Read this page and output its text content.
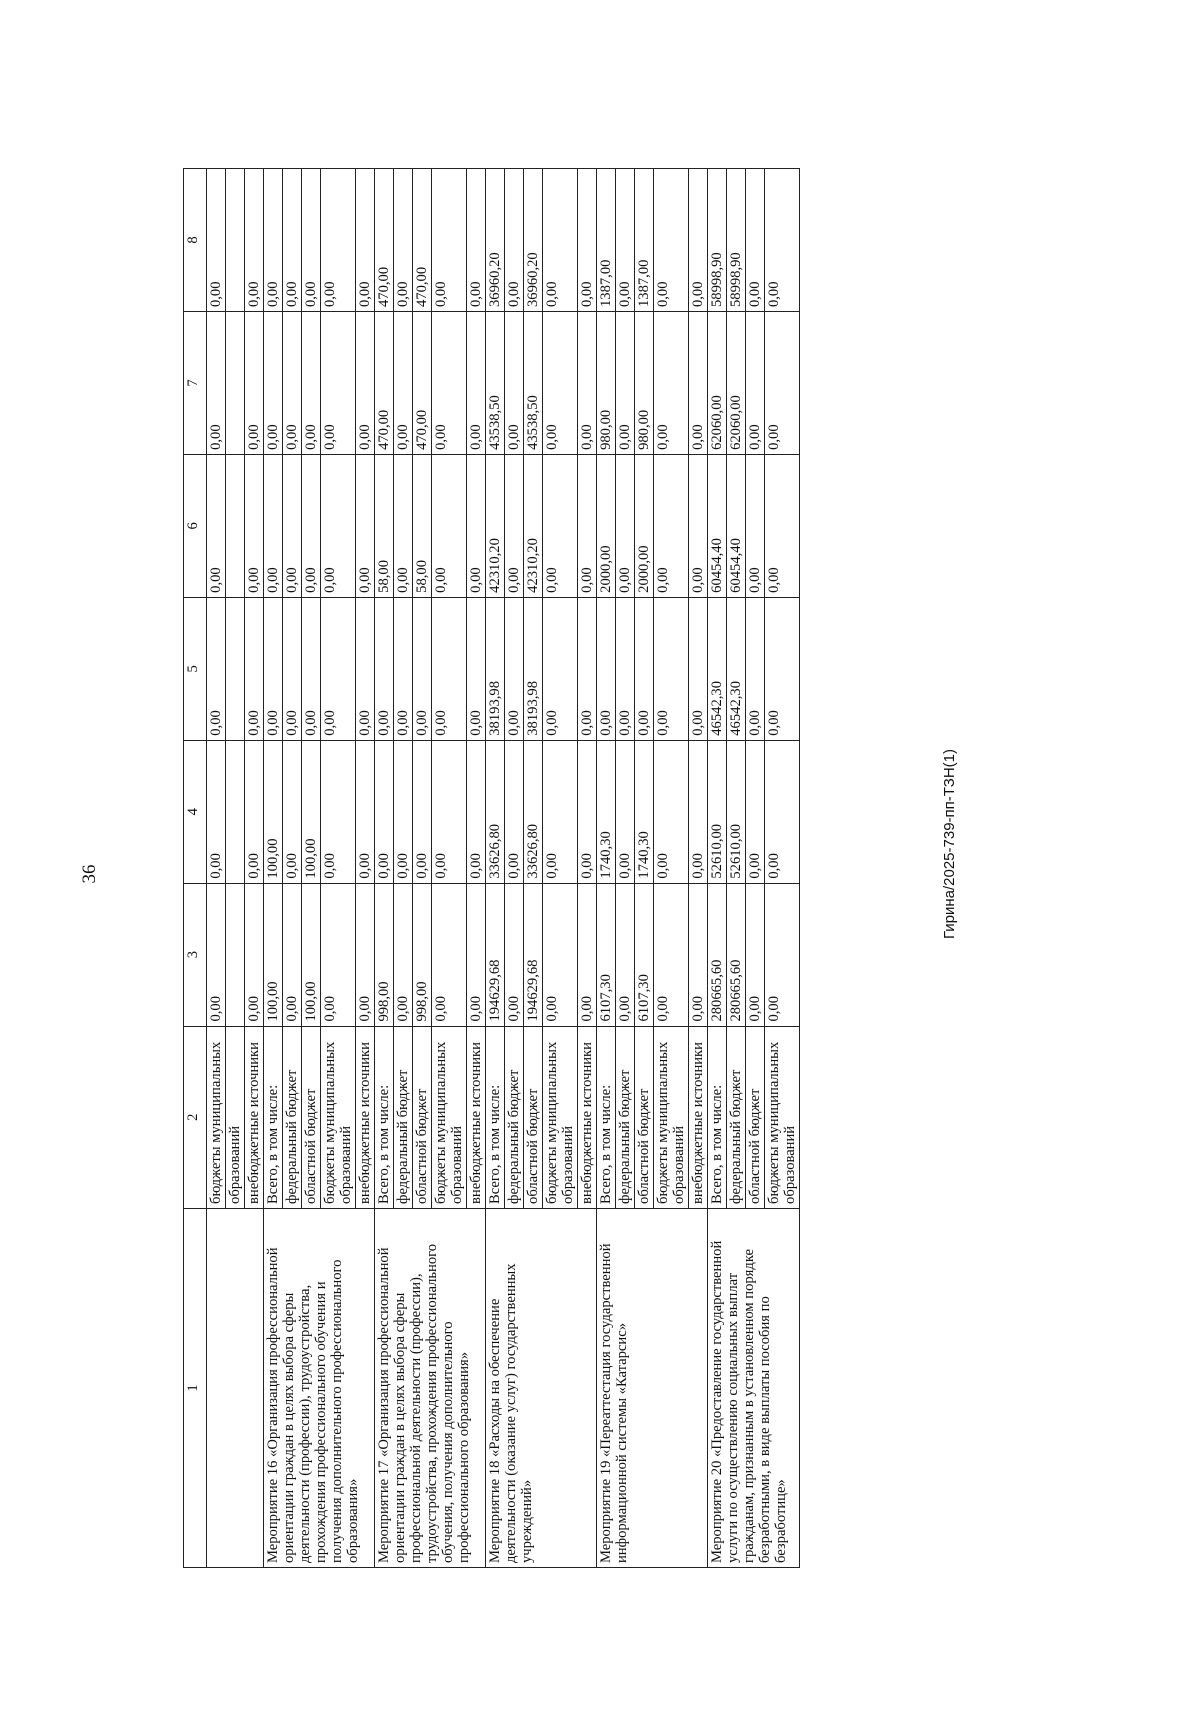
36
1	2	3	4	5	6	7	8
	бюджеты муниципальных	0,00	0,00	0,00	0,00	0,00	0,00
	образований						
	внебюджетные источники	0,00	0,00	0,00	0,00	0,00	0,00
Мероприятие 16 «Организация профессиональной ориентации граждан в целях выбора сферы деятельности (профессии), трудоустройства, прохождения профессионального обучения и получения дополнительного профессионального образования»	Всего, в том числе:	100,00	100,00	0,00	0,00	0,00	0,00
	федеральный бюджет	0,00	0,00	0,00	0,00	0,00	0,00
	областной бюджет	100,00	100,00	0,00	0,00	0,00	0,00
	бюджеты муниципальных образований	0,00	0,00	0,00	0,00	0,00	0,00
	внебюджетные источники	0,00	0,00	0,00	0,00	0,00	0,00
Мероприятие 17 «Организация профессиональной ориентации граждан в целях выбора сферы профессиональной деятельности (профессии), трудоустройства, прохождения профессионального обучения, получения дополнительного профессионального образования»	Всего, в том числе:	998,00	0,00	0,00	58,00	470,00	470,00
	федеральный бюджет	0,00	0,00	0,00	0,00	0,00	0,00
	областной бюджет	998,00	0,00	0,00	58,00	470,00	470,00
	бюджеты муниципальных образований	0,00	0,00	0,00	0,00	0,00	0,00
	внебюджетные источники	0,00	0,00	0,00	0,00	0,00	0,00
Мероприятие 18 «Расходы на обеспечение деятельности (оказание услуг) государственных учреждений»	Всего, в том числе:	194629,68	33626,80	38193,98	42310,20	43538,50	36960,20
	федеральный бюджет	0,00	0,00	0,00	0,00	0,00	0,00
	областной бюджет	194629,68	33626,80	38193,98	42310,20	43538,50	36960,20
	бюджеты муниципальных образований	0,00	0,00	0,00	0,00	0,00	0,00
	внебюджетные источники	0,00	0,00	0,00	0,00	0,00	0,00
Мероприятие 19 «Переаттестация государственной информационной системы «Катарсис»	Всего, в том числе:	6107,30	1740,30	0,00	2000,00	980,00	1387,00
	федеральный бюджет	0,00	0,00	0,00	0,00	0,00	0,00
	областной бюджет	6107,30	1740,30	0,00	2000,00	980,00	1387,00
	бюджеты муниципальных образований	0,00	0,00	0,00	0,00	0,00	0,00
	внебюджетные источники	0,00	0,00	0,00	0,00	0,00	0,00
Мероприятие 20 «Предоставление государственной услуги по осуществлению социальных выплат гражданам, признанным в установленном порядке безработными, в виде выплаты пособия по безработице»	Всего, в том числе:	280665,60	52610,00	46542,30	60454,40	62060,00	58998,90
	федеральный бюджет	280665,60	52610,00	46542,30	60454,40	62060,00	58998,90
	областной бюджет	0,00	0,00	0,00	0,00	0,00	0,00
	бюджеты муниципальных образований	0,00	0,00	0,00	0,00	0,00	0,00
Гирина/2025-739-пп-ТЗН(1)
